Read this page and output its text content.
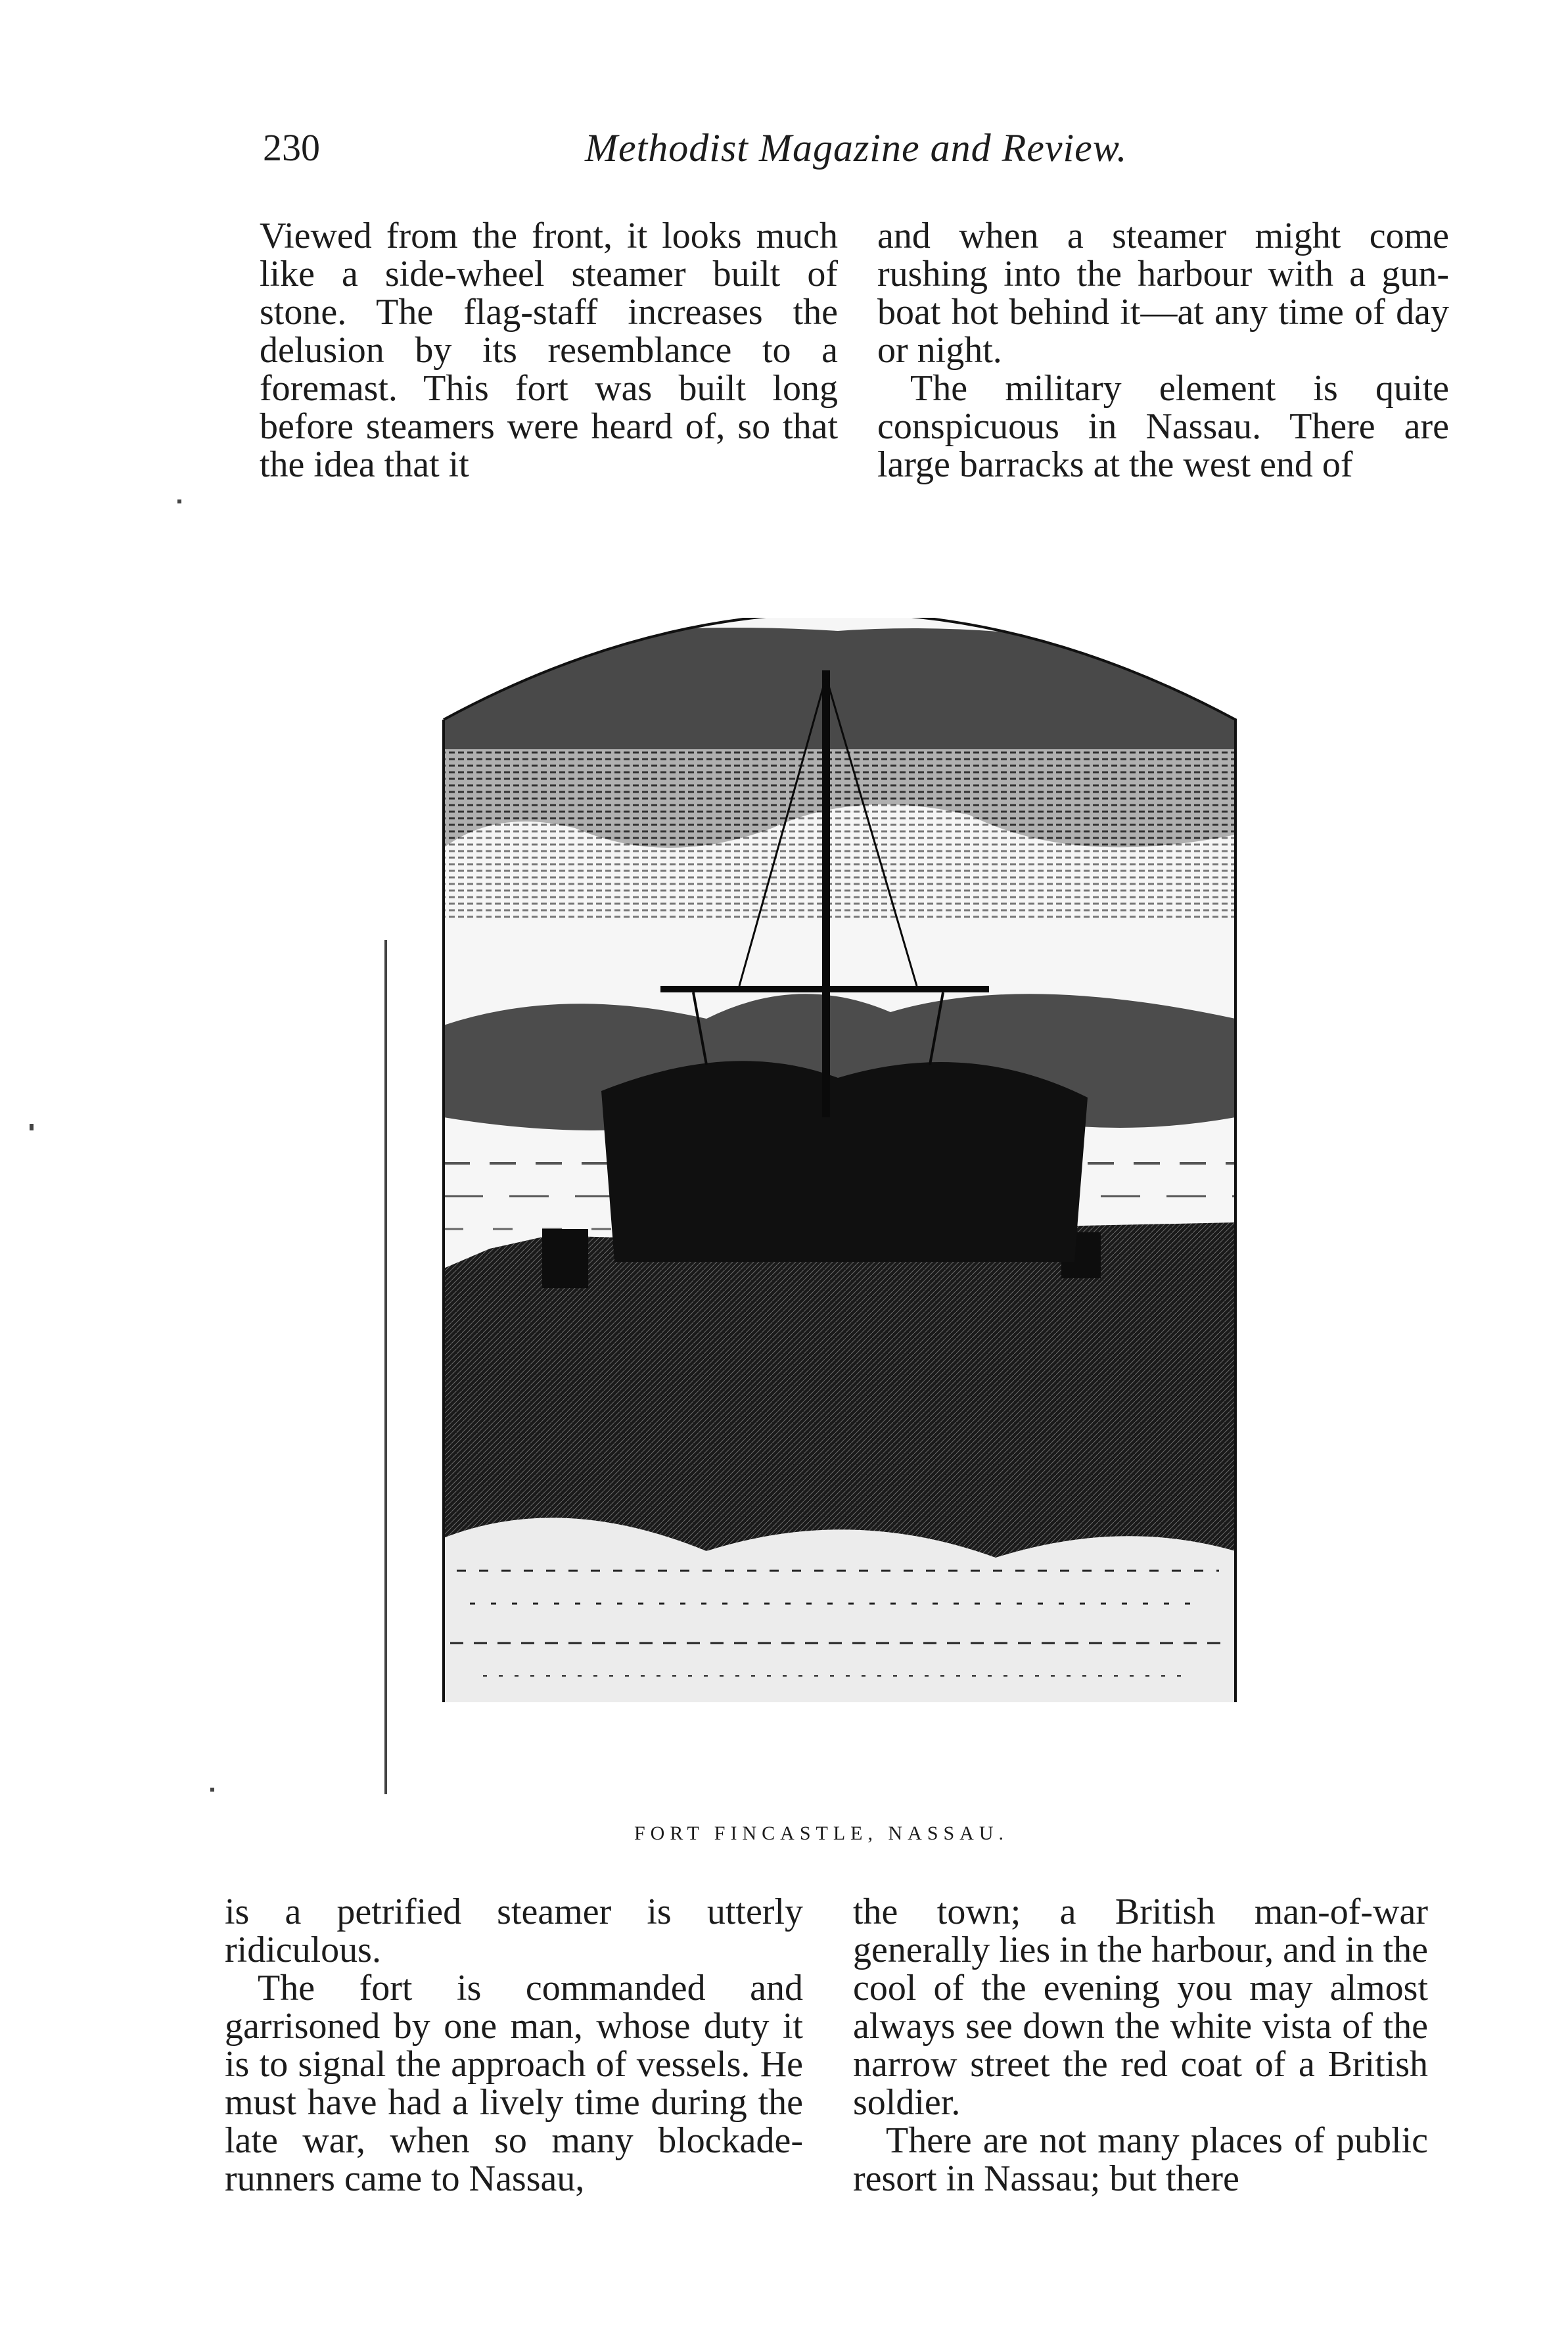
230	Methodist Magazine and Review.

Viewed from the front, it looks much like a side-wheel steamer built of stone. The flag-staff increases the delusion by its resemblance to a foremast. This fort was built long before steamers were heard of, so that the idea that it

and when a steamer might come rushing into the harbour with a gun-boat hot behind it—at any time of day or night.

The military element is quite conspicuous in Nassau. There are large barracks at the west end of

FORT FINCASTLE, NASSAU.

is a petrified steamer is utterly ridiculous.

The fort is commanded and garrisoned by one man, whose duty it is to signal the approach of vessels. He must have had a lively time during the late war, when so many blockade-runners came to Nassau,

the town; a British man-of-war generally lies in the harbour, and in the cool of the evening you may almost always see down the white vista of the narrow street the red coat of a British soldier.

There are not many places of public resort in Nassau; but there
